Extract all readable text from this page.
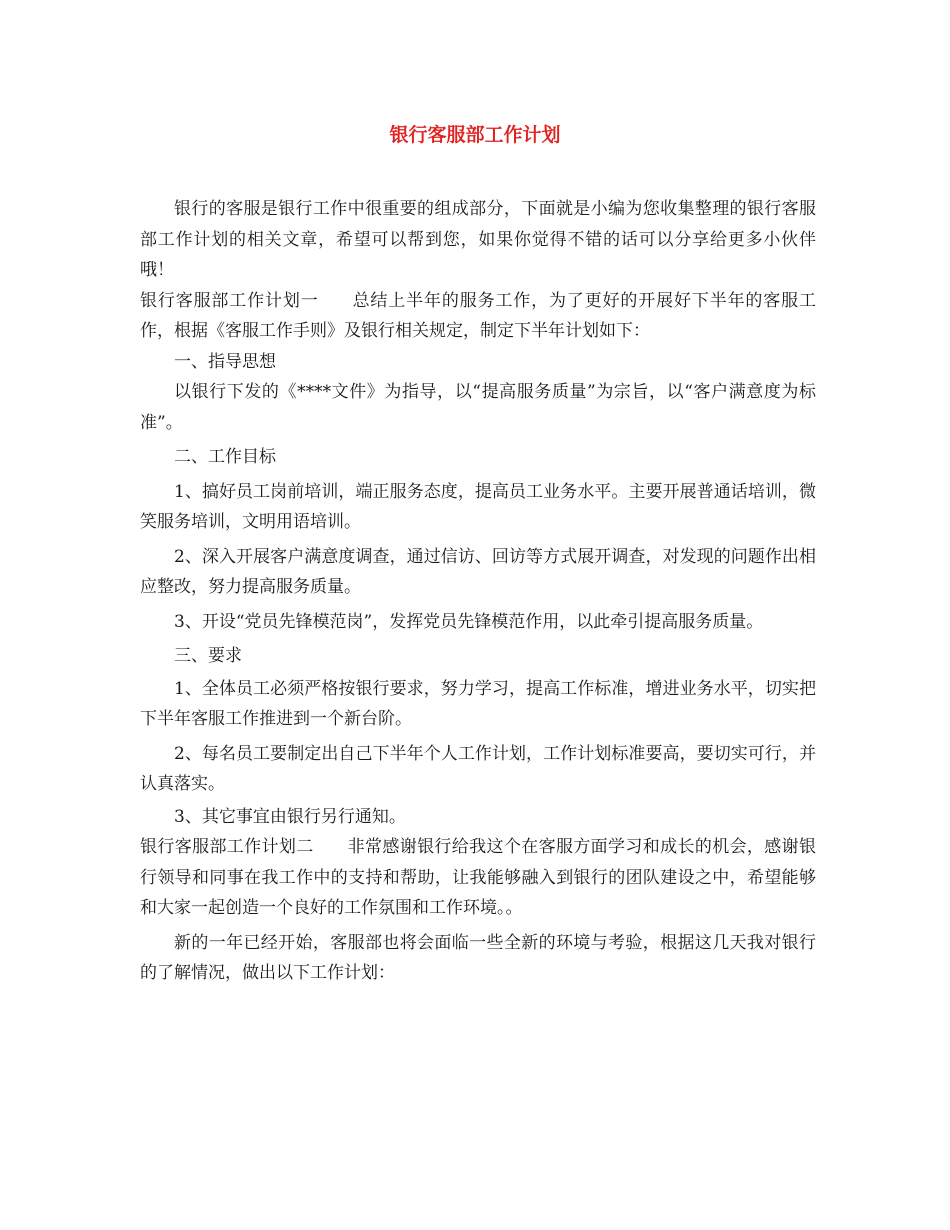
银行客服部工作计划

银行的客服是银行工作中很重要的组成部分，下面就是小编为您收集整理的银行客服部工作计划的相关文章，希望可以帮到您，如果你觉得不错的话可以分享给更多小伙伴哦！

银行客服部工作计划一 总结上半年的服务工作，为了更好的开展好下半年的客服工作，根据《客服工作手则》及银行相关规定，制定下半年计划如下：

一、指导思想

以银行下发的《****文件》为指导，以“提高服务质量”为宗旨，以“客户满意度为标准”。

二、工作目标

1、搞好员工岗前培训，端正服务态度，提高员工业务水平。主要开展普通话培训，微笑服务培训，文明用语培训。

2、深入开展客户满意度调查，通过信访、回访等方式展开调查，对发现的问题作出相应整改，努力提高服务质量。

3、开设“党员先锋模范岗”，发挥党员先锋模范作用，以此牵引提高服务质量。

三、要求

1、全体员工必须严格按银行要求，努力学习，提高工作标准，增进业务水平，切实把下半年客服工作推进到一个新台阶。

2、每名员工要制定出自己下半年个人工作计划，工作计划标准要高，要切实可行，并认真落实。

3、其它事宜由银行另行通知。

银行客服部工作计划二 非常感谢银行给我这个在客服方面学习和成长的机会，感谢银行领导和同事在我工作中的支持和帮助，让我能够融入到银行的团队建设之中，希望能够和大家一起创造一个良好的工作氛围和工作环境。。

新的一年已经开始，客服部也将会面临一些全新的环境与考验，根据这几天我对银行的了解情况，做出以下工作计划：
